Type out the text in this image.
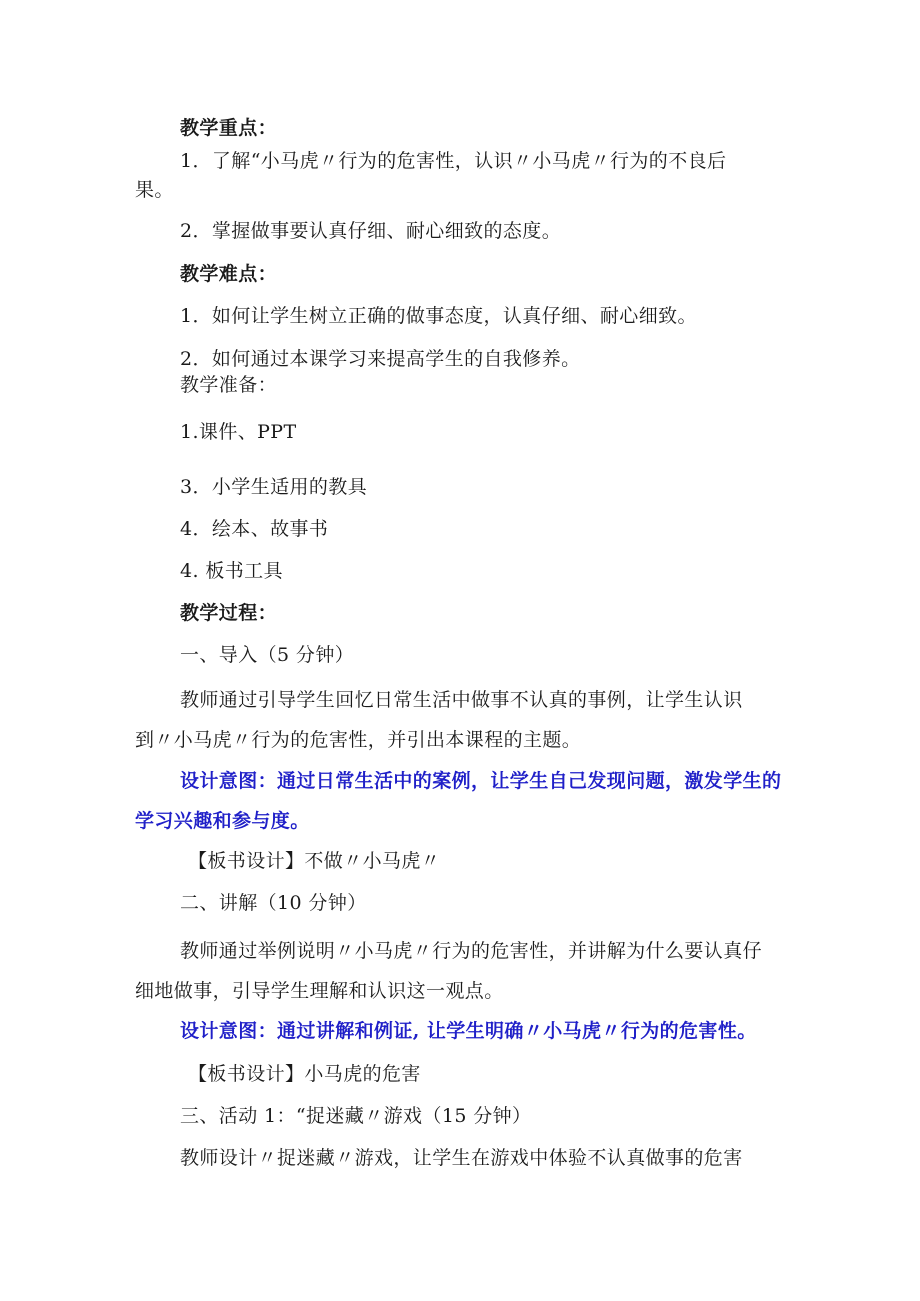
教学重点：

1．了解“小马虎〃行为的危害性，认识〃小马虎〃行为的不良后果。

2．掌握做事要认真仔细、耐心细致的态度。

教学难点：

1．如何让学生树立正确的做事态度，认真仔细、耐心细致。

2．如何通过本课学习来提高学生的自我修养。

教学准备：

1.课件、PPT

3．小学生适用的教具

4．绘本、故事书

4. 板书工具

教学过程：

一、导入（5 分钟）

教师通过引导学生回忆日常生活中做事不认真的事例，让学生认识到〃小马虎〃行为的危害性，并引出本课程的主题。

设计意图：通过日常生活中的案例，让学生自己发现问题，激发学生的学习兴趣和参与度。

【板书设计】不做〃小马虎〃

二、讲解（10 分钟）

教师通过举例说明〃小马虎〃行为的危害性，并讲解为什么要认真仔细地做事，引导学生理解和认识这一观点。

设计意图：通过讲解和例证, 让学生明确〃小马虎〃行为的危害性。

【板书设计】小马虎的危害

三、活动 1：“捉迷藏〃游戏（15 分钟）

教师设计〃捉迷藏〃游戏，让学生在游戏中体验不认真做事的危害
